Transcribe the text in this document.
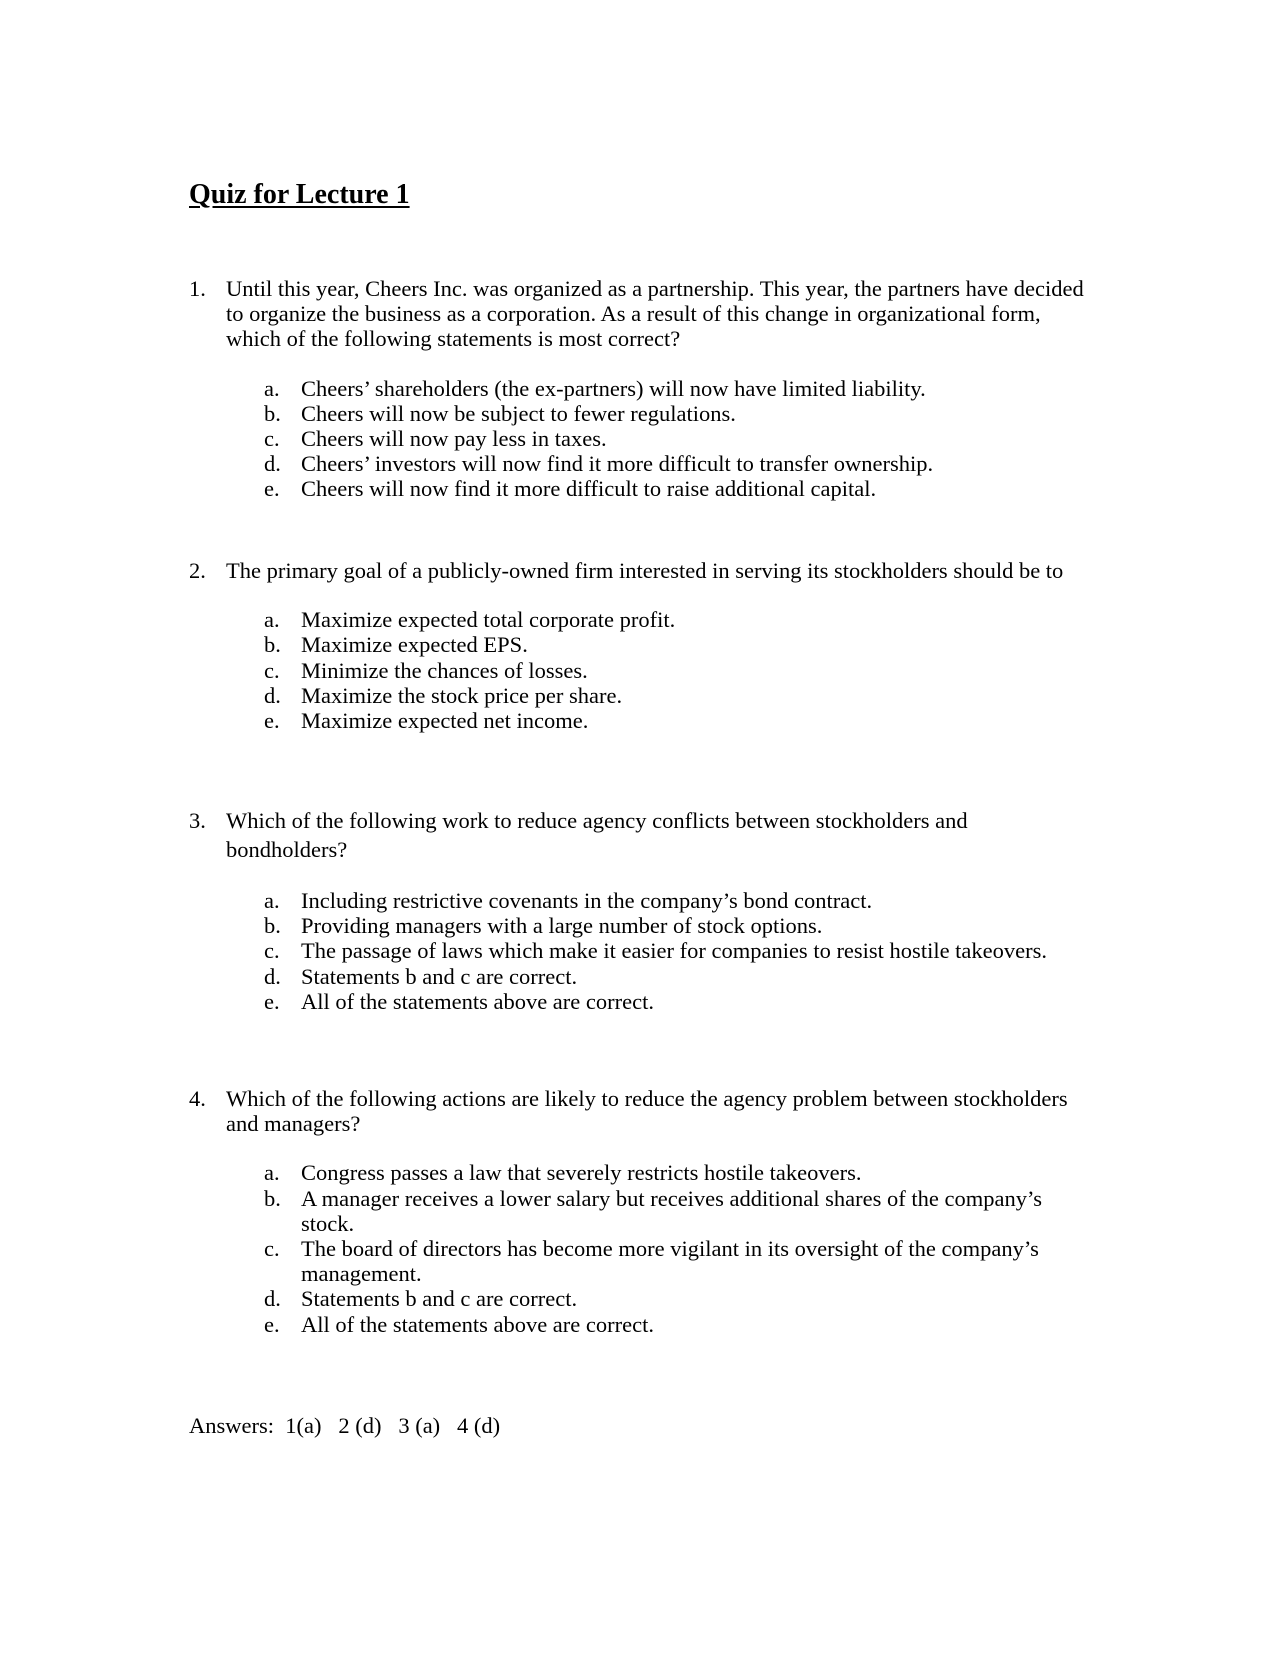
Quiz for Lecture 1
1. Until this year, Cheers Inc. was organized as a partnership. This year, the partners have decided to organize the business as a corporation. As a result of this change in organizational form, which of the following statements is most correct?
a. Cheers’ shareholders (the ex-partners) will now have limited liability.
b. Cheers will now be subject to fewer regulations.
c. Cheers will now pay less in taxes.
d. Cheers’ investors will now find it more difficult to transfer ownership.
e. Cheers will now find it more difficult to raise additional capital.
2. The primary goal of a publicly-owned firm interested in serving its stockholders should be to
a. Maximize expected total corporate profit.
b. Maximize expected EPS.
c. Minimize the chances of losses.
d. Maximize the stock price per share.
e. Maximize expected net income.
3. Which of the following work to reduce agency conflicts between stockholders and bondholders?
a. Including restrictive covenants in the company’s bond contract.
b. Providing managers with a large number of stock options.
c. The passage of laws which make it easier for companies to resist hostile takeovers.
d. Statements b and c are correct.
e. All of the statements above are correct.
4. Which of the following actions are likely to reduce the agency problem between stockholders and managers?
a. Congress passes a law that severely restricts hostile takeovers.
b. A manager receives a lower salary but receives additional shares of the company’s stock.
c. The board of directors has become more vigilant in its oversight of the company’s management.
d. Statements b and c are correct.
e. All of the statements above are correct.
Answers:  1(a)   2 (d)   3 (a)   4 (d)
